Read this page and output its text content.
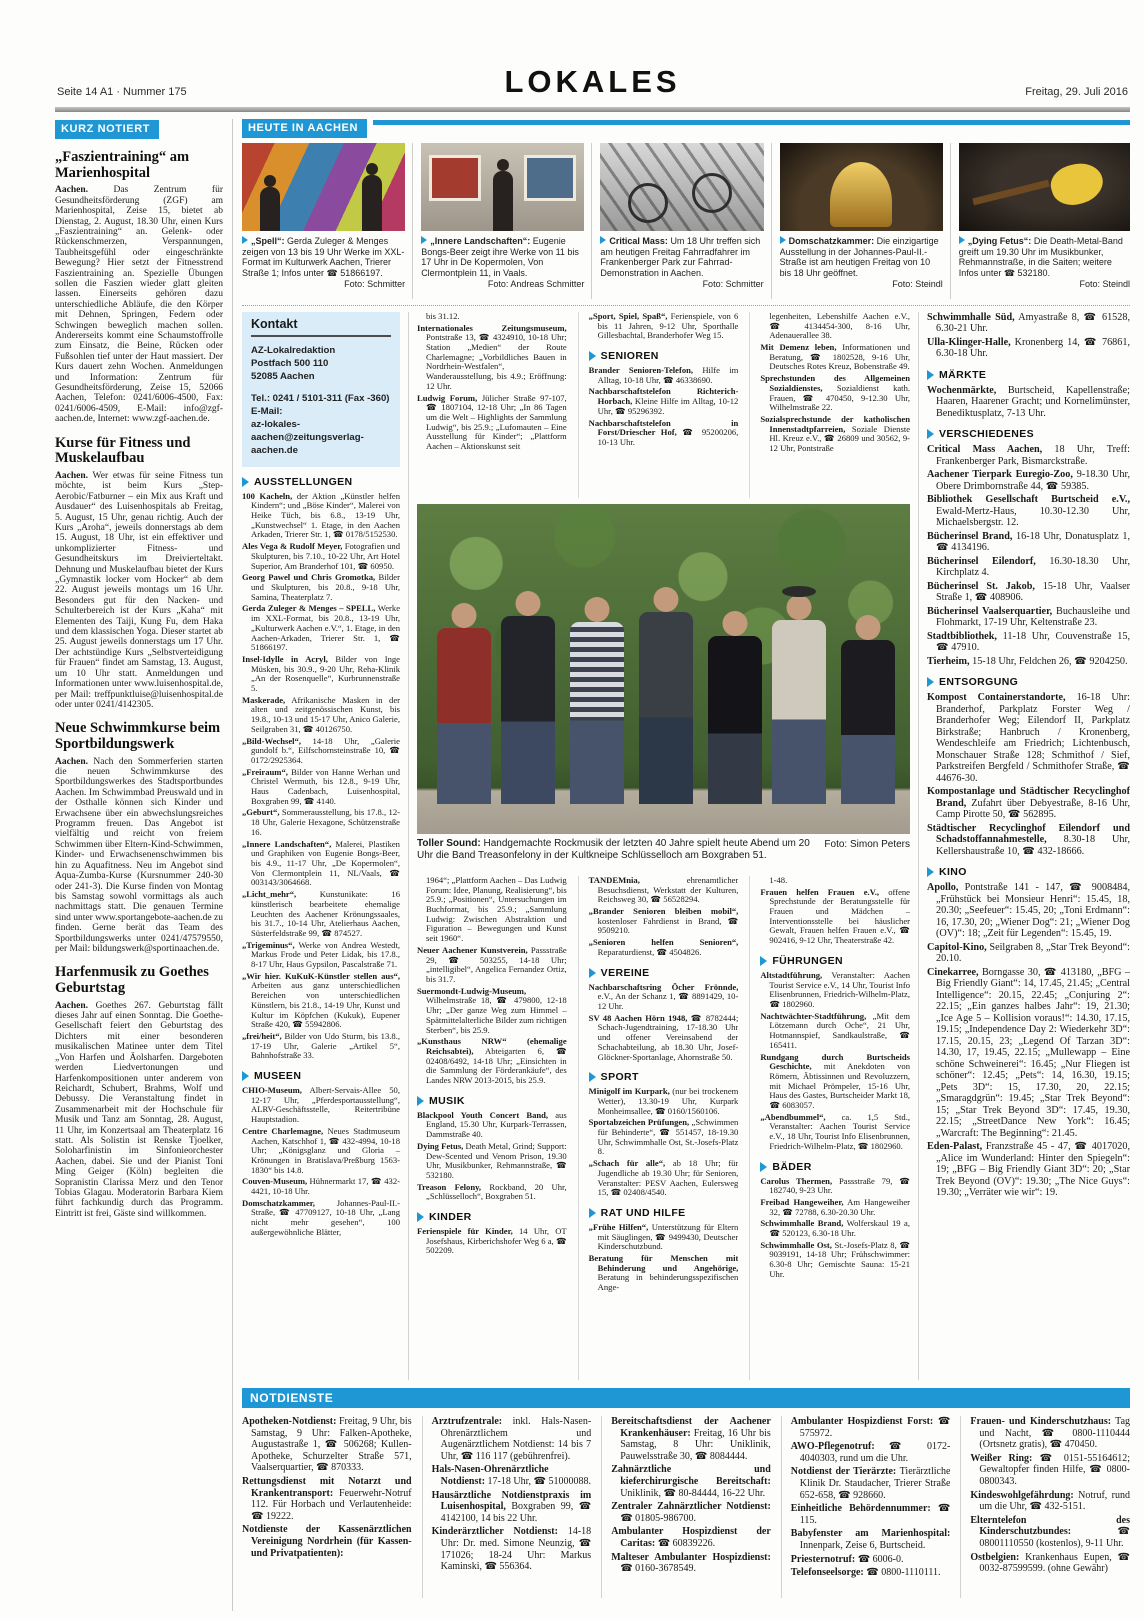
Seite 14 A1 · Nummer 175	LOKALES	Freitag, 29. Juli 2016
KURZ NOTIERT
„Faszientraining“ am Marienhospital

Aachen. Das Zentrum für Gesundheitsförderung (ZGF) am Marienhospital, Zeise 15, bietet ab Dienstag, 2. August, 18.30 Uhr, einen Kurs „Faszientraining“ an. Gelenk- oder Rückenschmerzen, Verspannungen, Taubheitsgefühl oder eingeschränkte Bewegung? Hier setzt der Fitnesstrend Faszientraining an. Spezielle Übungen sollen die Faszien wieder glatt gleiten lassen. Einerseits gehören dazu unterschiedliche Abläufe, die den Körper mit Dehnen, Springen, Federn oder Schwingen beweglich machen sollen. Andererseits kommt eine Schaumstoffrolle zum Einsatz, die Beine, Rücken oder Fußsohlen tief unter der Haut massiert. Der Kurs dauert zehn Wochen. Anmeldungen und Information: Zentrum für Gesundheitsförderung, Zeise 15, 52066 Aachen, Telefon: 0241/6006-4500, Fax: 0241/6006-4509, E-Mail: info@zgf-aachen.de, Internet: www.zgf-aachen.de.

Kurse für Fitness und Muskelaufbau

Aachen. Wer etwas für seine Fitness tun möchte, ist beim Kurs „Step-Aerobic/Fatburner – ein Mix aus Kraft und Ausdauer“ des Luisenhospitals ab Freitag, 5. August, 15 Uhr, genau richtig. Auch der Kurs „Aroha“, jeweils donnerstags ab dem 15. August, 18 Uhr, ist ein effektiver und unkomplizierter Fitness- und Gesundheitskurs im Dreivierteltakt. Dehnung und Muskelaufbau bietet der Kurs „Gymnastik locker vom Hocker“ ab dem 22. August jeweils montags um 16 Uhr. Besonders gut für den Nacken- und Schulterbereich ist der Kurs „Kaha“ mit Elementen des Taiji, Kung Fu, dem Haka und dem klassischen Yoga. Dieser startet ab 25. August jeweils donnerstags um 17 Uhr. Der achtstündige Kurs „Selbstverteidigung für Frauen“ findet am Samstag, 13. August, um 10 Uhr statt. Anmeldungen und Informationen unter www.luisenhospital.de, per Mail: treffpunktluise@luisenhospital.de oder unter 0241/4142305.

Neue Schwimmkurse beim Sportbildungswerk

Aachen. Nach den Sommerferien starten die neuen Schwimmkurse des Sportbildungswerkes des Stadtsportbundes Aachen. Im Schwimmbad Preuswald und in der Osthalle können sich Kinder und Erwachsene über ein abwechslungsreiches Programm freuen. Das Angebot ist vielfältig und reicht von freiem Schwimmen über Eltern-Kind-Schwimmen, Kinder- und Erwachsenenschwimmen bis hin zu Aquafitness. Neu im Angebot sind Aqua-Zumba-Kurse (Kursnummer 240-30 oder 241-3). Die Kurse finden von Montag bis Samstag sowohl vormittags als auch nachmittags statt. Die genauen Termine sind unter www.sportangebote-aachen.de zu finden. Gerne berät das Team des Sportbildungswerks unter 0241/47579550, per Mail: bildungswerk@sportinaachen.de.

Harfenmusik zu Goethes Geburtstag

Aachen. Goethes 267. Geburtstag fällt dieses Jahr auf einen Sonntag. Die Goethe-Gesellschaft feiert den Geburtstag des Dichters mit einer besonderen musikalischen Matinee unter dem Titel „Von Harfen und Äolsharfen. Dargeboten werden Liedvertonungen und Harfenkompositionen unter anderem von Reichardt, Schubert, Brahms, Wolf und Debussy. Die Veranstaltung findet in Zusammenarbeit mit der Hochschule für Musik und Tanz am Sonntag, 28. August, 11 Uhr, im Konzertsaal am Theaterplatz 16 statt. Als Solistin ist Renske Tjoelker, Soloharfinistin im Sinfonieorchester Aachen, dabei. Sie und der Pianist Toni Ming Geiger (Köln) begleiten die Sopranistin Clarissa Merz und den Tenor Tobias Glagau. Moderatorin Barbara Kiem führt fachkundig durch das Programm. Eintritt ist frei, Gäste sind willkommen.

HEUTE IN AACHEN

„Spell“: Gerda Zuleger & Menges zeigen von 13 bis 19 Uhr Werke im XXL-Format im Kulturwerk Aachen, Trierer Straße 1; Infos unter ☎ 51866197.
Foto: Schmitter

„Innere Landschaften“: Eugenie Bongs-Beer zeigt ihre Werke von 11 bis 17 Uhr in De Kopermolen, Von Clermontplein 11, in Vaals.
Foto: Andreas Schmitter

Critical Mass: Um 18 Uhr treffen sich am heutigen Freitag Fahrradfahrer im Frankenberger Park zur Fahrrad-Demonstration in Aachen.
Foto: Schmitter

Domschatzkammer: Die einzigartige Ausstellung in der Johannes-Paul-II.-Straße ist am heutigen Freitag von 10 bis 18 Uhr geöffnet.
Foto: Steindl

„Dying Fetus“: Die Death-Metal-Band greift um 19.30 Uhr im Musikbunker, Rehmannstraße, in die Saiten; weitere Infos unter ☎ 532180.
Foto: Steindl

Kontakt
AZ-Lokalredaktion
Postfach 500 110
52085 Aachen
Tel.: 0241 / 5101-311 (Fax -360)
E-Mail:
az-lokales-aachen@zeitungsverlag-aachen.de
AUSSTELLUNGEN

100 Kacheln, der Aktion „Künstler helfen Kindern“; und „Böse Kinder“, Malerei von Heike Tüch, bis 6.8., 13-19 Uhr, „Kunstwechsel“ 1. Etage, in den Aachen Arkaden, Trierer Str. 1, ☎ 0178/5152530.

Ales Vega & Rudolf Meyer, Fotografien und Skulpturen, bis 7.10., 10-22 Uhr, Art Hotel Superior, Am Branderhof 101, ☎ 60950.

Georg Pawel und Chris Gromotka, Bilder und Skulpturen, bis 20.8., 9-18 Uhr, Samina, Theaterplatz 7.

Gerda Zuleger & Menges – SPELL, Werke im XXL-Format, bis 20.8., 13-19 Uhr, „Kulturwerk Aachen e.V.“, 1. Etage, in den Aachen-Arkaden, Trierer Str. 1, ☎ 51866197.

Insel-Idylle in Acryl, Bilder von Inge Müsken, bis 30.9., 9-20 Uhr, Reha-Klinik „An der Rosenquelle“, Kurbrunnenstraße 5.

Maskerade, Afrikanische Masken in der alten und zeitgenössischen Kunst, bis 19.8., 10-13 und 15-17 Uhr, Anico Galerie, Seilgraben 31, ☎ 40126750.

„Bild-Wechsel“, 14-18 Uhr, „Galerie gundolf b.“, Eilfschornsteinstraße 10, ☎ 0172/2925364.

„Freiraum“, Bilder von Hanne Werhan und Christel Wermuth, bis 12.8., 9-19 Uhr, Haus Cadenbach, Luisenhospital, Boxgraben 99, ☎ 4140.

„Geburt“, Sommerausstellung, bis 17.8., 12-18 Uhr, Galerie Hexagone, Schützenstraße 16.

„Innere Landschaften“, Malerei, Plastiken und Graphiken von Eugenie Bongs-Beer, bis 4.9., 11-17 Uhr, „De Kopermolen“, Von Clermontplein 11, NL/Vaals, ☎ 003143/3064668.

„Licht_mehr“, Kunstunikate: 16 künstlerisch bearbeitete ehemalige Leuchten des Aachener Krönungssaales, bis 31.7., 10-14 Uhr, Atelierhaus Aachen, Süsterfeldstraße 99, ☎ 874527.

„Trigeminus“, Werke von Andrea Westedt, Markus Frode und Peter Lidak, bis 17.8., 8-17 Uhr, Haus Gypsilon, Pascalstraße 71.

„Wir hier. KuKuK-Künstler stellen aus“, Arbeiten aus ganz unterschiedlichen Bereichen von unterschiedlichen Künstlern, bis 21.8., 14-19 Uhr, Kunst und Kultur im Köpfchen (Kukuk), Eupener Straße 420, ☎ 55942806.

„frei/heit“, Bilder von Udo Sturm, bis 13.8., 17-19 Uhr, Galerie „Artikel 5“, Bahnhofstraße 33.

MUSEEN

CHIO-Museum, Albert-Servais-Allee 50, 12-17 Uhr, „Pferdesportausstellung“, ALRV-Geschäftsstelle, Reitertribüne Hauptstadion.

Centre Charlemagne, Neues Stadtmuseum Aachen, Katschhof 1, ☎ 432-4994, 10-18 Uhr; „Königsglanz und Gloria – Krönungen in Bratislava/Preßburg 1563-1830“ bis 14.8.

Couven-Museum, Hühnermarkt 17, ☎ 432-4421, 10-18 Uhr.

Domschatzkammer, Johannes-Paul-II.-Straße, ☎ 47709127, 10-18 Uhr, „Lang nicht mehr gesehen“, 100 außergewöhnliche Blätter,

bis 31.12.

Internationales Zeitungsmuseum, Pontstraße 13, ☎ 4324910, 10-18 Uhr; Station „Medien“ der Route Charlemagne; „Vorbildliches Bauen in Nordrhein-Westfalen“, Wanderausstellung, bis 4.9.; Eröffnung: 12 Uhr.

Ludwig Forum, Jülicher Straße 97-107, ☎ 1807104, 12-18 Uhr; „In 86 Tagen um die Welt – Highlights der Sammlung Ludwig“, bis 25.9.; „Lufomauten – Eine Ausstellung für Kinder“; „Plattform Aachen – Aktionskunst seit

„Sport, Spiel, Spaß“, Ferienspiele, von 6 bis 11 Jahren, 9-12 Uhr, Sporthalle Gillesbachtal, Branderhofer Weg 15.

SENIOREN

Brander Senioren-Telefon, Hilfe im Alltag, 10-18 Uhr, ☎ 46338690.

Nachbarschaftstelefon Richterich-Horbach, Kleine Hilfe im Alltag, 10-12 Uhr, ☎ 95296392.

Nachbarschaftstelefon in Forst/Driescher Hof, ☎ 95200206, 10-13 Uhr.

legenheiten, Lebenshilfe Aachen e.V., ☎ 4134454-300, 8-16 Uhr, Adenauerallee 38.

Mit Demenz leben, Informationen und Beratung, ☎ 1802528, 9-16 Uhr, Deutsches Rotes Kreuz, Bobenstraße 49.

Sprechstunden des Allgemeinen Sozialdienstes, Sozialdienst kath. Frauen, ☎ 470450, 9-12.30 Uhr, Wilhelmstraße 22.

Sozialsprechstunde der katholischen Innenstadtpfarreien, Soziale Dienste Hl. Kreuz e.V., ☎ 26809 und 30562, 9-12 Uhr, Pontstraße

Foto: Simon Peters
Toller Sound: Handgemachte Rockmusik der letzten 40 Jahre spielt heute Abend um 20 Uhr die Band Treasonfelony in der Kultkneipe Schlüsselloch am Boxgraben 51.

1964“; „Plattform Aachen – Das Ludwig Forum: Idee, Planung, Realisierung“, bis 25.9.; „Positionen“, Untersuchungen im Buchformat, bis 25.9.; „Sammlung Ludwig: Zwischen Abstraktion und Figuration – Bewegungen und Kunst seit 1960“.

Neuer Aachener Kunstverein, Passstraße 29, ☎ 503255, 14-18 Uhr; „intelligibel“, Angelica Fernandez Ortiz, bis 31.7.

Suermondt-Ludwig-Museum, Wilhelmstraße 18, ☎ 479800, 12-18 Uhr; „Der ganze Weg zum Himmel – Spätmittelalterliche Bilder zum richtigen Sterben“, bis 25.9.

„Kunsthaus NRW“ (ehemalige Reichsabtei), Abteigarten 6, ☎ 02408/6492, 14-18 Uhr; „Einsichten in die Sammlung der Förderankäufe“, des Landes NRW 2013-2015, bis 25.9.

MUSIK

Blackpool Youth Concert Band, aus England, 15.30 Uhr, Kurpark-Terrassen, Dammstraße 40.

Dying Fetus, Death Metal, Grind; Support: Dew-Scented und Venom Prison, 19.30 Uhr, Musikbunker, Rehmannstraße, ☎ 532180.

Treason Felony, Rockband, 20 Uhr, „Schlüsselloch“, Boxgraben 51.

KINDER

Ferienspiele für Kinder, 14 Uhr, OT Josefshaus, Kirberichshofer Weg 6 a, ☎ 502209.

TANDEMnia, ehrenamtlicher Besuchsdienst, Werkstatt der Kulturen, Reichsweg 30, ☎ 56528294.

„Brander Senioren bleiben mobil“, kostenloser Fahrdienst in Brand, ☎ 9509210.

„Senioren helfen Senioren“, Reparaturdienst, ☎ 4504826.

VEREINE

Nachbarschaftsring Öcher Frönnde, e.V., An der Schanz 1, ☎ 8891429, 10-12 Uhr.

SV 48 Aachen Hörn 1948, ☎ 8782444; Schach-Jugendtraining, 17-18.30 Uhr und offener Vereinsabend der Schachabteilung, ab 18.30 Uhr, Josef-Glöckner-Sportanlage, Ahornstraße 50.

SPORT

Minigolf im Kurpark, (nur bei trockenem Wetter), 13.30-19 Uhr, Kurpark Monheimsallee, ☎ 0160/1560106.

Sportabzeichen Prüfungen, „Schwimmen für Behinderte“, ☎ 551457, 18-19.30 Uhr, Schwimmhalle Ost, St.-Josefs-Platz 8.

„Schach für alle“, ab 18 Uhr; für Jugendliche ab 19.30 Uhr; für Senioren, Veranstalter: PESV Aachen, Eulersweg 15, ☎ 02408/4540.

RAT UND HILFE

„Frühe Hilfen“, Unterstützung für Eltern mit Säuglingen, ☎ 9499430, Deutscher Kinderschutzbund.

Beratung für Menschen mit Behinderung und Angehörige, Beratung in behinderungsspezifischen Ange-

1-48.

Frauen helfen Frauen e.V., offene Sprechstunde der Beratungsstelle für Frauen und Mädchen – Interventionsstelle bei häuslicher Gewalt, Frauen helfen Frauen e.V., ☎ 902416, 9-12 Uhr, Theaterstraße 42.

FÜHRUNGEN

Altstadtführung, Veranstalter: Aachen Tourist Service e.V., 14 Uhr, Tourist Info Elisenbrunnen, Friedrich-Wilhelm-Platz, ☎ 1802960.

Nachtwächter-Stadtführung, „Mit dem Lötzemann durch Oche“, 21 Uhr, Hotmannspief, Sandkaulstraße, ☎ 165411.

Rundgang durch Burtscheids Geschichte, mit Anekdoten von Römern, Äbtissinnen und Revoluzzern, mit Michael Prömpeler, 15-16 Uhr, Haus des Gastes, Burtscheider Markt 18, ☎ 6083057.

„Abendbummel“, ca. 1,5 Std., Veranstalter: Aachen Tourist Service e.V., 18 Uhr, Tourist Info Elisenbrunnen, Friedrich-Wilhelm-Platz, ☎ 1802960.

BÄDER

Carolus Thermen, Passstraße 79, ☎ 182740, 9-23 Uhr.

Freibad Hangeweiher, Am Hangeweiher 32, ☎ 72788, 6.30-20.30 Uhr.

Schwimmhalle Brand, Wolferskaul 19 a, ☎ 520123, 6.30-18 Uhr.

Schwimmhalle Ost, St.-Josefs-Platz 8, ☎ 9039191, 14-18 Uhr; Frühschwimmer: 6.30-8 Uhr; Gemischte Sauna: 15-21 Uhr.

Schwimmhalle Süd, Amyastraße 8, ☎ 61528, 6.30-21 Uhr.

Ulla-Klinger-Halle, Kronenberg 14, ☎ 76861, 6.30-18 Uhr.

MÄRKTE

Wochenmärkte, Burtscheid, Kapellenstraße; Haaren, Haarener Gracht; und Kornelimünster, Benediktusplatz, 7-13 Uhr.

VERSCHIEDENES

Critical Mass Aachen, 18 Uhr, Treff: Frankenberger Park, Bismarckstraße.

Aachener Tierpark Euregio-Zoo, 9-18.30 Uhr, Obere Drimbornstraße 44, ☎ 59385.

Bibliothek Gesellschaft Burtscheid e.V., Ewald-Mertz-Haus, 10.30-12.30 Uhr, Michaelsbergstr. 12.

Bücherinsel Brand, 16-18 Uhr, Donatusplatz 1, ☎ 4134196.

Bücherinsel Eilendorf, 16.30-18.30 Uhr, Kirchplatz 4.

Bücherinsel St. Jakob, 15-18 Uhr, Vaalser Straße 1, ☎ 408906.

Bücherinsel Vaalserquartier, Buchausleihe und Flohmarkt, 17-19 Uhr, Keltenstraße 23.

Stadtbibliothek, 11-18 Uhr, Couvenstraße 15, ☎ 47910.

Tierheim, 15-18 Uhr, Feldchen 26, ☎ 9204250.

ENTSORGUNG

Kompost Containerstandorte, 16-18 Uhr: Branderhof, Parkplatz Forster Weg / Branderhofer Weg; Eilendorf II, Parkplatz Birkstraße; Hanbruch / Kronenberg, Wendeschleife am Friedrich; Lichtenbusch, Monschauer Straße 128; Schmithof / Sief, Parkstreifen Bergfeld / Schmithofer Straße, ☎ 44676-30.

Kompostanlage und Städtischer Recyclinghof Brand, Zufahrt über Debyestraße, 8-16 Uhr, Camp Pirotte 50, ☎ 562895.

Städtischer Recyclinghof Eilendorf und Schadstoffannahmestelle, 8.30-18 Uhr, Kellershaustraße 10, ☎ 432-18666.

KINO

Apollo, Pontstraße 141 - 147, ☎ 9008484, „Frühstück bei Monsieur Henri“: 15.45, 18, 20.30; „Seefeuer“: 15.45, 20; „Toni Erdmann“: 16, 17.30, 20; „Wiener Dog“: 21; „Wiener Dog (OV)“: 18; „Zeit für Legenden“: 15.45, 19.

Capitol-Kino, Seilgraben 8, „Star Trek Beyond“: 20.10.

Cinekarree, Borngasse 30, ☎ 413180, „BFG – Big Friendly Giant“: 14, 17.45, 21.45; „Central Intelligence“: 20.15, 22.45; „Conjuring 2“: 22.15; „Ein ganzes halbes Jahr“: 19, 21.30; „Ice Age 5 – Kollision voraus!“: 14.30, 17.15, 19.15; „Independence Day 2: Wiederkehr 3D“: 17.15, 20.15, 23; „Legend Of Tarzan 3D“: 14.30, 17, 19.45, 22.15; „Mullewapp – Eine schöne Schweinerei“: 16.45; „Nur Fliegen ist schöner“: 12.45; „Pets“: 14, 16.30, 19.15; „Pets 3D“: 15, 17.30, 20, 22.15; „Smaragdgrün“: 19.45; „Star Trek Beyond“: 15; „Star Trek Beyond 3D“: 17.45, 19.30, 22.15; „StreetDance New York“: 16.45; „Warcraft: The Beginning“: 21.45.

Eden-Palast, Franzstraße 45 - 47, ☎ 4017020, „Alice im Wunderland: Hinter den Spiegeln“: 19; „BFG – Big Friendly Giant 3D“: 20; „Star Trek Beyond (OV)“: 19.30; „The Nice Guys“: 19.30; „Verräter wie wir“: 19.

NOTDIENSTE

Apotheken-Notdienst: Freitag, 9 Uhr, bis Samstag, 9 Uhr: Falken-Apotheke, Augustastraße 1, ☎ 506268; Kullen-Apotheke, Schurzelter Straße 571, Vaalserquartier, ☎ 870333.

Rettungsdienst mit Notarzt und Krankentransport: Feuerwehr-Notruf 112. Für Horbach und Verlautenheide: ☎ 19222.

Notdienste der Kassenärztlichen Vereinigung Nordrhein (für Kassen- und Privatpatienten):

Arztrufzentrale: inkl. Hals-Nasen-Ohrenärztlichem und Augenärztlichem Notdienst: 14 bis 7 Uhr, ☎ 116 117 (gebührenfrei).

Hals-Nasen-Ohrenärztliche Notdienst: 17-18 Uhr, ☎ 51000088.

Hausärztliche Notdienstpraxis im Luisenhospital, Boxgraben 99, ☎ 4142100, 14 bis 22 Uhr.

Kinderärztlicher Notdienst: 14-18 Uhr: Dr. med. Simone Neunzig, ☎ 171026; 18-24 Uhr: Markus Kaminski, ☎ 556364.

Bereitschaftsdienst der Aachener Krankenhäuser: Freitag, 16 Uhr bis Samstag, 8 Uhr: Uniklinik, Pauwelsstraße 30, ☎ 8084444.

Zahnärztliche und kieferchirurgische Bereitschaft: Uniklinik, ☎ 80-84444, 16-22 Uhr.

Zentraler Zahnärztlicher Notdienst: ☎ 01805-986700.

Ambulanter Hospizdienst der Caritas: ☎ 60839226.

Malteser Ambulanter Hospizdienst: ☎ 0160-3678549.

Ambulanter Hospizdienst Forst: ☎ 575972.

AWO-Pflegenotruf: ☎ 0172-4040303, rund um die Uhr.

Notdienst der Tierärzte: Tierärztliche Klinik Dr. Staudacher, Trierer Straße 652-658, ☎ 928660.

Einheitliche Behördennummer: ☎ 115.

Babyfenster am Marienhospital: Innenpark, Zeise 6, Burtscheid.

Priesternotruf: ☎ 6006-0.

Telefonseelsorge: ☎ 0800-1110111.

Frauen- und Kinderschutzhaus: Tag und Nacht, ☎ 0800-1110444 (Ortsnetz gratis), ☎ 470450.

Weißer Ring: ☎ 0151-55164612; Gewaltopfer finden Hilfe, ☎ 0800-0800343.

Kindeswohlgefährdung: Notruf, rund um die Uhr, ☎ 432-5151.

Elterntelefon des Kinderschutzbundes: ☎ 08001110550 (kostenlos), 9-11 Uhr.

Ostbelgien: Krankenhaus Eupen, ☎ 0032-87599599. (ohne Gewähr)
